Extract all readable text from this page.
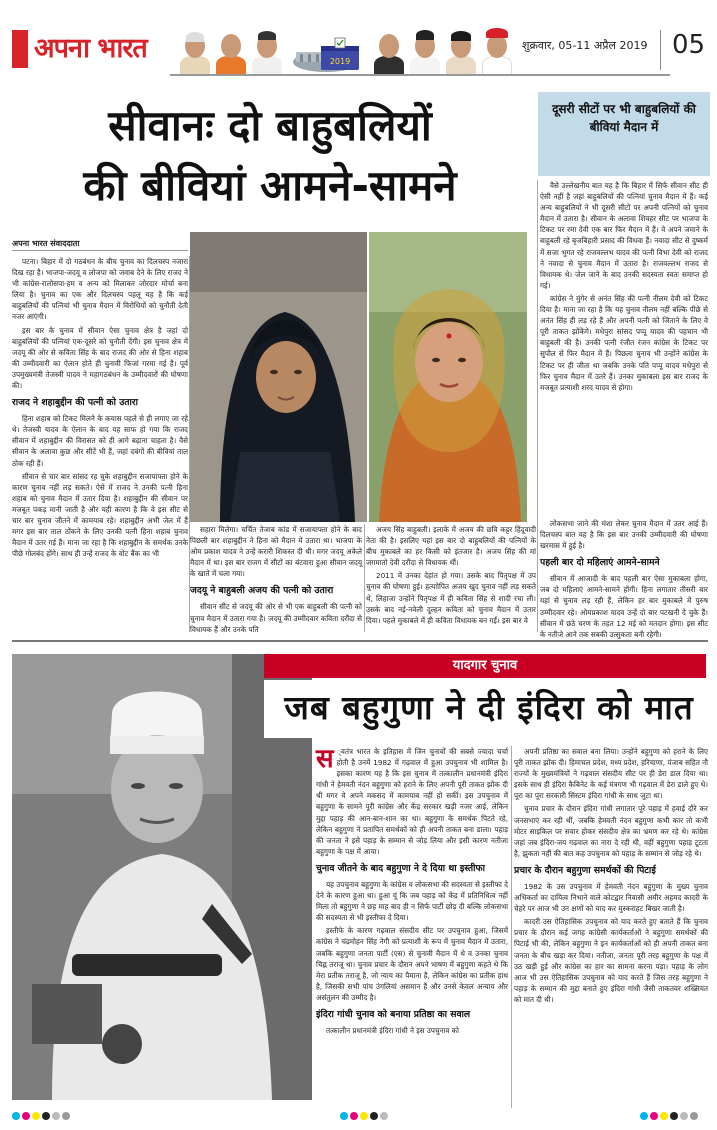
अपना भारत	2019
शुक्रवार, 05-11 अप्रैल 2019 05
सीवानः दो बाहुबलियों
की बीवियां आमने-सामने
अपना भारत संवाददाता

पटना। बिहार में दो गठबंधन के बीच चुनाव का दिलचस्प नजारा दिख रहा है। भाजपा-जदयू व लोजपा को जवाब देने के लिए राजद ने भी कांग्रेस-रालोसपा-हम व अन्य को मिलाकर जोरदार मोर्चा बना लिया है। चुनाव का एक और दिलचस्प पहलू यह है कि कई बाहुबलियों की पत्नियां भी चुनाव मैदान में विरोधियों को चुनौती देती नजर आएंगी।

इस बार के चुनाव में सीवान ऐसा चुनाव क्षेत्र है जहां दो बाहुबलियों की पत्नियां एक-दूसरे को चुनौती देंगी। इस चुनाव क्षेत्र में जदयू की ओर से कविता सिंह के बाद राजद की ओर से हिना शहाब की उम्मीदवारी का ऐलान होते ही चुनावी फिजां गरमा गई है। पूर्व उपमुख्यमंत्री तेजस्वी यादव ने महागठबंधन के उम्मीदवारों की घोषणा की।

राजद ने शहाबुद्दीन की पत्नी को उतारा

हिना शहाब को टिकट मिलने के कयास पहले से ही लगाए जा रहे थे। तेजस्वी यादव के ऐलान के बाद यह साफ हो गया कि राजद सीवान में शहाबुद्दीन की विरासत को ही आगे बढ़ाना चाहता है। वैसे सीवान के अलावा कुछ और सीटें भी हैं, जहां दबंगों की बीवियां ताल ठोक रही हैं।

सीवान से चार बार सांसद रह चुके शहाबुद्दीन सजायाफ्ता होने के कारण चुनाव नहीं लड़ सकते। ऐसे में राजद ने उनकी पत्नी हिना शहाब को चुनाव मैदान में उतार दिया है। शहाबुद्दीन की सीवान पर मजबूत पकड़ मानी जाती है और यही कारण है कि वे इस सीट से चार बार चुनाव जीतने में कामयाब रहे। शहाबुद्दीन अभी जेल में हैं मगर इस बार ताल ठोंकने के लिए उनकी पत्नी हिना शहाब चुनाव मैदान में उतर गई हैं। माना जा रहा है कि शहाबुद्दीन के समर्थक उनके पीछे गोलबंद होंगे। साथ ही उन्हें राजद के वोट बैंक का भी

सहारा मिलेगा। चर्चित तेजाब कांड में सजायाफ्ता होने के बाद पिछली बार शहाबुद्दीन ने हिना को मैदान में उतारा था। भाजपा के ओम प्रकाश यादव ने उन्हें करारी शिकस्त दी थी। मगर जदयू अकेले मैदान में था। इस बार राजग में सीटों का बंटवारा हुआ सीवान जदयू के खाते में चला गया।

जदयू ने बाहुबली अजय की पत्नी को उतारा

सीवान सीट से जदयू की ओर से भी एक बाहुबली की पत्नी को चुनाव मैदान में उतारा गया है। जदयू की उम्मीदवार कविता दरौंदा से विधायक हैं और उनके पति

अजय सिंह बाहुबली। इलाके में अजय की छवि कट्टर हिंदूवादी नेता की है। इसलिए यहां इस बार दो बाहुबलियों की पत्नियों के बीच मुकाबले का हर किसी को इंतजार है। अजय सिंह की मां जगमातो देवी दरौंदा से विधायक थीं।

2011 में उनका देहांत हो गया। उसके बाद पितृपक्ष में उप चुनाव की घोषणा हुई। हत्याोपित अजय खुद चुनाव नहीं लड़ सकते थे, लिहाजा उन्होंने पितृपक्ष में ही कविता सिंह से शादी रचा ली। उसके बाद नई-नवेली दुल्हन कविता को चुनाव मैदान में उतार दिया। पहले मुकाबले में ही कविता विधायक बन गईं। इस बार वे

दूसरी सीटों पर भी बाहुबलियों की बीवियां मैदान में

वैसे उल्लेखनीय बात यह है कि बिहार में सिर्फ सीवान सीट ही ऐसी नहीं है जहां बाहुबलियों की पत्नियां चुनाव मैदान में हैं। कई अन्य बाहुबलियों ने भी दूसरी सीटों पर अपनी पत्नियों को चुनाव मैदान में उतारा है। सीवान के अलावा शिवहर सीट पर भाजपा के टिकट पर रमा देवी एक बार फिर मैदान में हैं। वे अपने जमाने के बाहुबली रहे बृजबिहारी प्रसाद की विधवा हैं। नवादा सीट से दुष्कर्म में सजा भुगत रहे राजवल्लभ यादव की पत्नी विभा देवी को राजद ने नवादा से चुनाव मैदान में उतारा है। राजवल्लभ राजद से विधायक थे। जेल जाने के बाद उनकी सदस्यता स्वतः समाप्त हो गई।

कांग्रेस ने मुंगेर से अनंत सिंह की पत्नी नीलम देवी को टिकट दिया है। माना जा रहा है कि यह चुनाव नीलम नहीं बल्कि पीछे से अनंत सिंह ही लड़ रहे हैं और अपनी पत्नी को जिताने के लिए वे पूरी ताकत झोंकेंगे। मधेपुरा सांसद पप्पू यादव की पहचान भी बाहुबली की है। उनकी पत्नी रंजीत रंजन कांग्रेस के टिकट पर सुपौल से फिर मैदान में हैं। पिछला चुनाव भी उन्होंने कांग्रेस के टिकट पर ही जीता था जबकि उनके पति पप्पू यादव मधेपुरा से फिर चुनाव मैदान में उतरे हैं। उनका मुकाबला इस बार राजद के मजबूत प्रत्याशी शरद यादव से होगा।

लोकसभा जाने की मंशा लेकर चुनाव मैदान में उतर आई हैं। दिलचस्प बात यह है कि इस बार उनकी उम्मीदवारी की घोषणा खरमास में हुई है।

पहली बार दो महिलाएं आमने-सामने

सीवान में आजादी के बाद पहली बार ऐसा मुकाबला होगा, जब दो महिलाएं आमने-सामने होंगी। हिना लगातार तीसरी बार यहां से चुनाव लड़ रही हैं, लेकिन हर बार मुकाबले में पुरुष उम्मीदवार रहे। ओमप्रकाश यादव उन्हें दो बार पटखनी दे चुके हैं। सीवान में छठे चरण के तहत 12 मई को मतदान होगा। इस सीट के नतीजे आने तक सबकी उत्सुकता बनी रहेगी।

यादगार चुनाव
जब बहुगुणा ने दी इंदिरा को मात

स ्वतंत्र भारत के इतिहास में जिन चुनावों की सबसे ज्यादा चर्चा होती है उनमें 1982 में गढ़वाल में हुआ उपचुनाव भी शामिल है। इसका कारण यह है कि इस चुनाव में तत्कालीन प्रधानमंत्री इंदिरा गांधी ने हेमवती नंदन बहुगुणा को हराने के लिए अपनी पूरी ताकत झोंक दी थी मगर वे अपने मकसद में कामयाब नहीं हो सकीं। इस उपचुनाव में बहुगुणा के सामने पूरी कांग्रेस और केंद्र सरकार खड़ी नजर आई, लेकिन मुद्दा पहाड़ की आन-बान-शान का था। बहुगुणा के समर्थक पिटते रहे, लेकिन बहुगुणा ने प्रतापित समर्थकों को ही अपनी ताकत बना डाला। पहाड़ की जनता ने इसे पहाड़ के सम्मान से जोड़ लिया और इसी कारण नतीजा बहुगुणा के पक्ष में आया।

चुनाव जीतने के बाद बहुगुणा ने दे दिया था इस्तीफा

यह उपचुनाव बहुगुणा के कांग्रेस व लोकसभा की सदस्यता से इस्तीफा दे देने के कारण हुआ था। हुआ यूं कि जब पहाड़ को केंद्र में प्रतिनिधित्व नहीं मिला तो बहुगुणा ने छह माह बाद ही न सिर्फ पार्टी छोड़ दी बल्कि लोकसभा की सदस्यता से भी इस्तीफा दे दिया।

इस्तीफे के कारण गढ़वाल संसदीय सीट पर उपचुनाव हुआ, जिसमें कांग्रेस ने चंद्रमोहन सिंह नेगी को प्रत्याशी के रूप में चुनाव मैदान में उतारा, जबकि बहुगुणा जनता पार्टी (एस) से चुनावी मैदान में थे व उनका चुनाव चिह्न तराजू था। चुनाव प्रचार के दौरान अपने भाषण में बहुगुणा कहते थे कि मेरा प्रतीक तराजू है, जो न्याय का पैमाना है, लेकिन कांग्रेस का प्रतीक हाथ है, जिसकी सभी पांच उंगलियां असमान हैं और उनसे केवल अन्याय और असंतुलन की उम्मीद है।

इंदिरा गांधी चुनाव को बनाया प्रतिष्ठा का सवाल

तत्कालीन प्रधानमंत्री इंदिरा गांधी ने इस उपचुनाव को

अपनी प्रतिष्ठा का सवाल बना लिया। उन्होंने बहुगुणा को हराने के लिए पूरी ताकत झोंक दी। हिमाचल प्रदेश, मध्य प्रदेश, हरियाणा, पंजाब सहित नौ राज्यों के मुख्यमंत्रियों ने गढ़वाल संसदीय सीट पर ही डेरा डाल दिया था। इसके साथ ही इंदिरा कैबिनेट के कई मंत्रगण भी गढ़वाल में डेरा डाले हुए थे। पूरा का पूरा सरकारी सिस्टम इंदिरा गांधी के साथ जुटा था।

चुनाव प्रचार के दौरान इंदिरा गांधी लगातार पूरे पहाड़ में हवाई दौरे कर जनसभाएं कर रही थीं, जबकि हेमवती नंदन बहुगुणा कभी कार तो कभी मोटर साइकिल पर सवार होकर संसदीय क्षेत्र का भ्रमण कर रहे थे। कांग्रेस जहां जब इंदिरा-जय गढ़वाल का नारा दे रही थी, वहीं बहुगुणा पहाड़ टूटता है, झुकता नहीं की बात कह उपचुनाव को पहाड़ के सम्मान से जोड़ रहे थे।

प्रचार के दौरान बहुगुणा समर्थकों की पिटाई

1982 के उस उपचुनाव में हेमवती नंदन बहुगुणा के मुख्य चुनाव अभिकर्ता का दायित्व निभाने वाले कोटद्वार निवासी अमीर अहमद कादरी के चेहरे पर आज भी उन क्षणों को याद कर मुस्कराहट बिखर जाती है।

कादरी उस ऐतिहासिक उपचुनाव को याद करते हुए बताते हैं कि चुनाव प्रचार के दौरान कई जगह कांग्रेसी कार्यकर्ताओं ने बहुगुणा समर्थकों की पिटाई भी की, लेकिन बहुगुणा ने इन कार्यकर्ताओं को ही अपनी ताकत बना जनता के बीच खड़ा कर दिया। नतीजा, जनता पूरी तरह बहुगुणा के पक्ष में उठ खड़ी हुई और कांग्रेस का हार का सामना करना पड़ा। पहाड़ के लोग आज भी उस ऐतिहासिक उपचुनाव को याद करते हैं जिस तरह बहुगुणा ने पहाड़ के सम्मान की मुद्दा बनाते हुए इंदिरा गांधी जैसी ताकतवर शख्सियत को मात दी थी।
